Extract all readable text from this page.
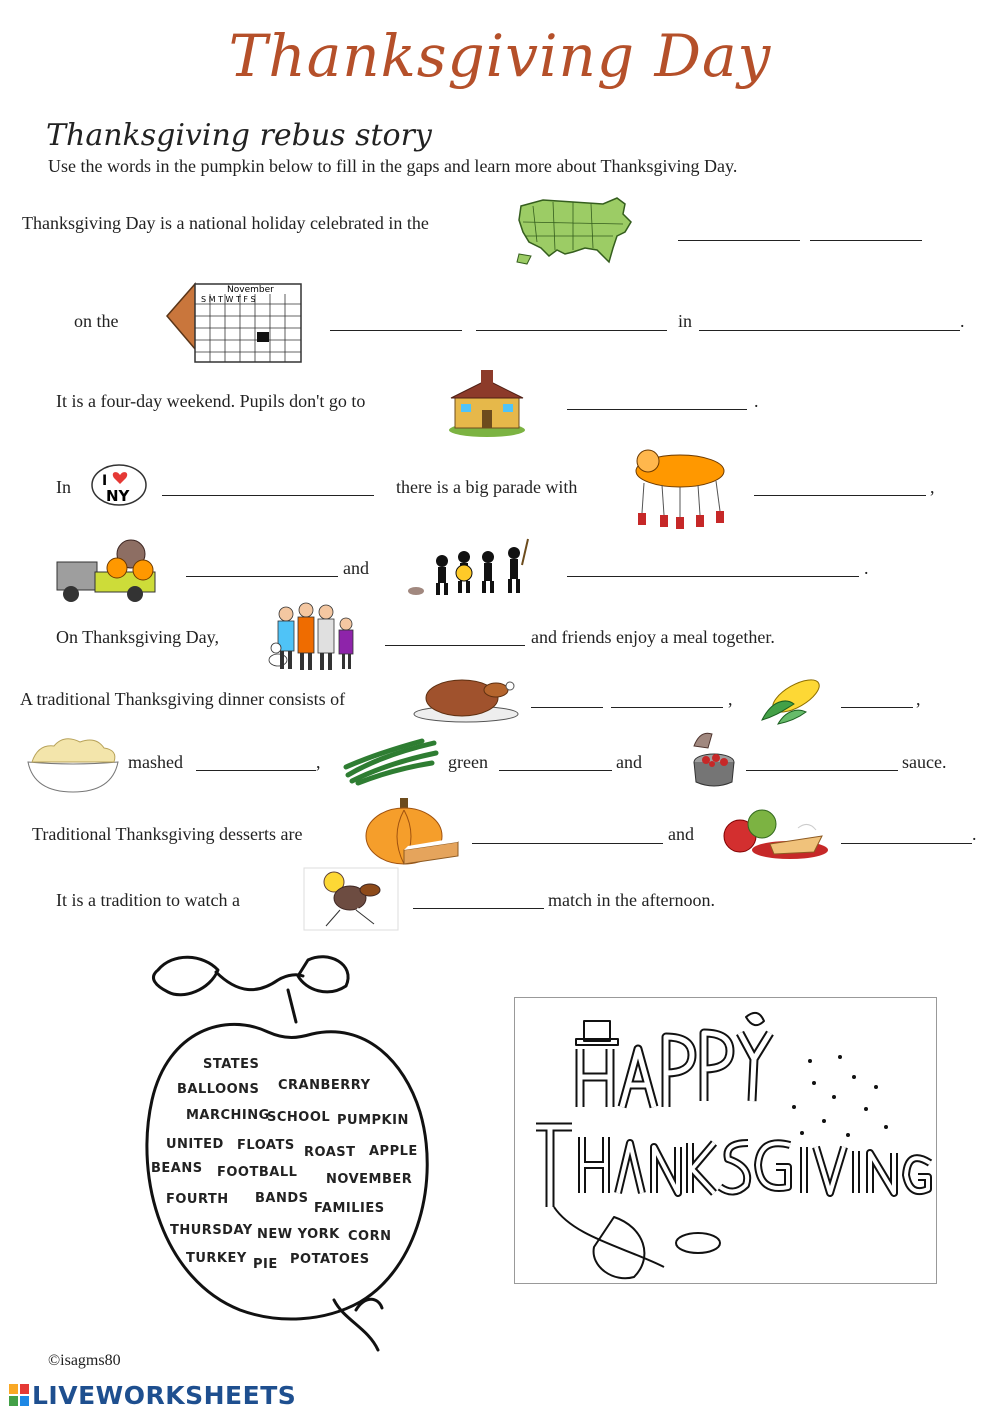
Thanksgiving Day
Thanksgiving rebus story
Use the words in the pumpkin below to fill in the gaps and learn more about Thanksgiving Day.
Thanksgiving Day is a national holiday celebrated in the
on the
November
S M T W T F S
in	.
It is a four-day weekend. Pupils don't go to	.
In I
NY	there is a big parade with	,
and	.
On Thanksgiving Day,	and friends enjoy a meal together.
A traditional Thanksgiving dinner consists of	,	,
mashed	,	green	and	sauce.
Traditional Thanksgiving desserts are	and	.
It is a tradition to watch a	match in the afternoon.
STATES
BALLOONS CRANBERRY
MARCHING
SCHOOL PUMPKIN
UNITED FLOATS ROAST APPLE
BEANS FOOTBALL NOVEMBER
FOURTH BANDS
FAMILIES
THURSDAY NEW YORK CORN
TURKEY PIE POTATOES
©isagms80
LIVEWORKSHEETS
